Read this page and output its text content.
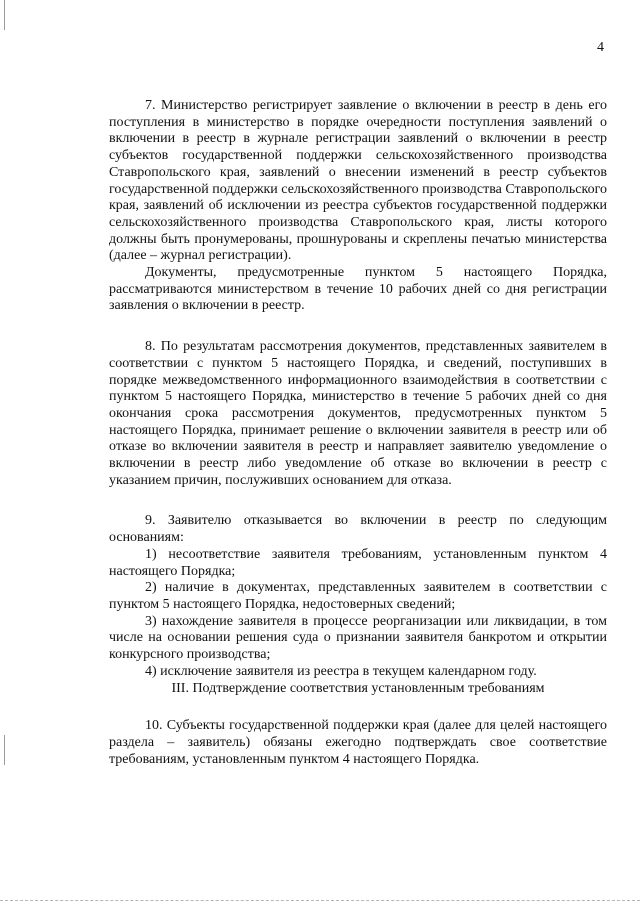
4

7. Министерство регистрирует заявление о включении в реестр в день его поступления в министерство в порядке очередности поступления заявлений о включении в реестр в журнале регистрации заявлений о включении в реестр субъектов государственной поддержки сельскохозяйственного производства Ставропольского края, заявлений о внесении изменений в реестр субъектов государственной поддержки сельскохозяйственного производства Ставропольского края, заявлений об исключении из реестра субъектов государственной поддержки сельскохозяйственного производства Ставропольского края, листы которого должны быть пронумерованы, прошнурованы и скреплены печатью министерства (далее – журнал регистрации).

Документы, предусмотренные пунктом 5 настоящего Порядка, рассматриваются министерством в течение 10 рабочих дней со дня регистрации заявления о включении в реестр.

8. По результатам рассмотрения документов, представленных заявителем в соответствии с пунктом 5 настоящего Порядка, и сведений, поступивших в порядке межведомственного информационного взаимодействия в соответствии с пунктом 5 настоящего Порядка, министерство в течение 5 рабочих дней со дня окончания срока рассмотрения документов, предусмотренных пунктом 5 настоящего Порядка, принимает решение о включении заявителя в реестр или об отказе во включении заявителя в реестр и направляет заявителю уведомление о включении в реестр либо уведомление об отказе во включении в реестр с указанием причин, послуживших основанием для отказа.

9. Заявителю отказывается во включении в реестр по следующим основаниям:

1) несоответствие заявителя требованиям, установленным пунктом 4 настоящего Порядка;

2) наличие в документах, представленных заявителем в соответствии с пунктом 5 настоящего Порядка, недостоверных сведений;

3) нахождение заявителя в процессе реорганизации или ликвидации, в том числе на основании решения суда о признании заявителя банкротом и открытии конкурсного производства;

4) исключение заявителя из реестра в текущем календарном году.

III. Подтверждение соответствия установленным требованиям

10. Субъекты государственной поддержки края (далее для целей настоящего раздела – заявитель) обязаны ежегодно подтверждать свое соответствие требованиям, установленным пунктом 4 настоящего Порядка.
